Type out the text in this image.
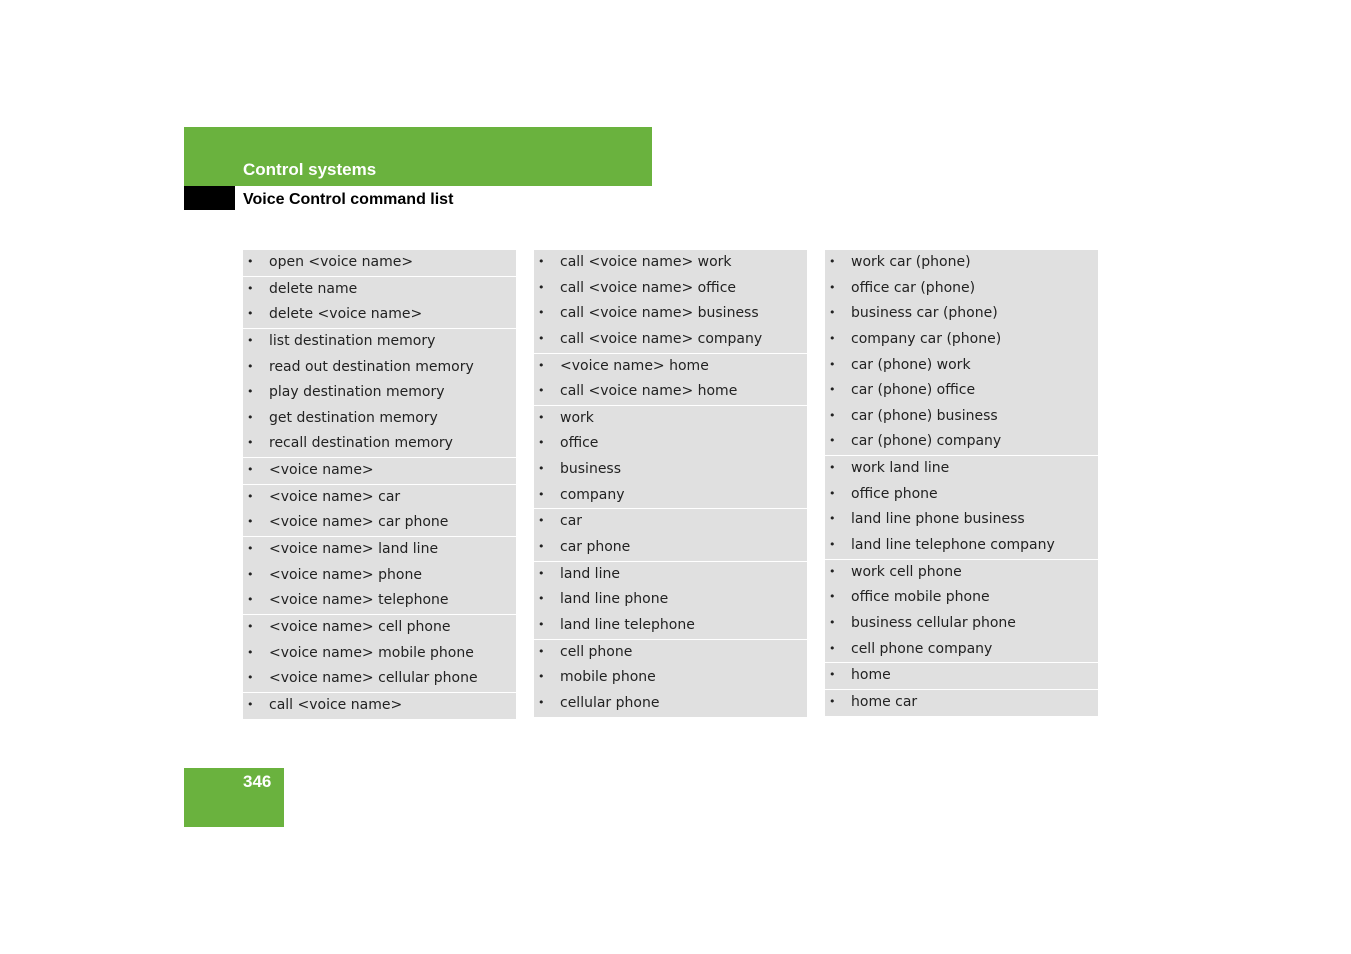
Control systems
Voice Control command list
• open <voice name>
• delete name
• delete <voice name>
• list destination memory
• read out destination memory
• play destination memory
• get destination memory
• recall destination memory
• <voice name>
• <voice name> car
• <voice name> car phone
• <voice name> land line
• <voice name> phone
• <voice name> telephone
• <voice name> cell phone
• <voice name> mobile phone
• <voice name> cellular phone
• call <voice name>
• call <voice name> work
• call <voice name> office
• call <voice name> business
• call <voice name> company
• <voice name> home
• call <voice name> home
• work
• office
• business
• company
• car
• car phone
• land line
• land line phone
• land line telephone
• cell phone
• mobile phone
• cellular phone
• work car (phone)
• office car (phone)
• business car (phone)
• company car (phone)
• car (phone) work
• car (phone) office
• car (phone) business
• car (phone) company
• work land line
• office phone
• land line phone business
• land line telephone company
• work cell phone
• office mobile phone
• business cellular phone
• cell phone company
• home
• home car
346
